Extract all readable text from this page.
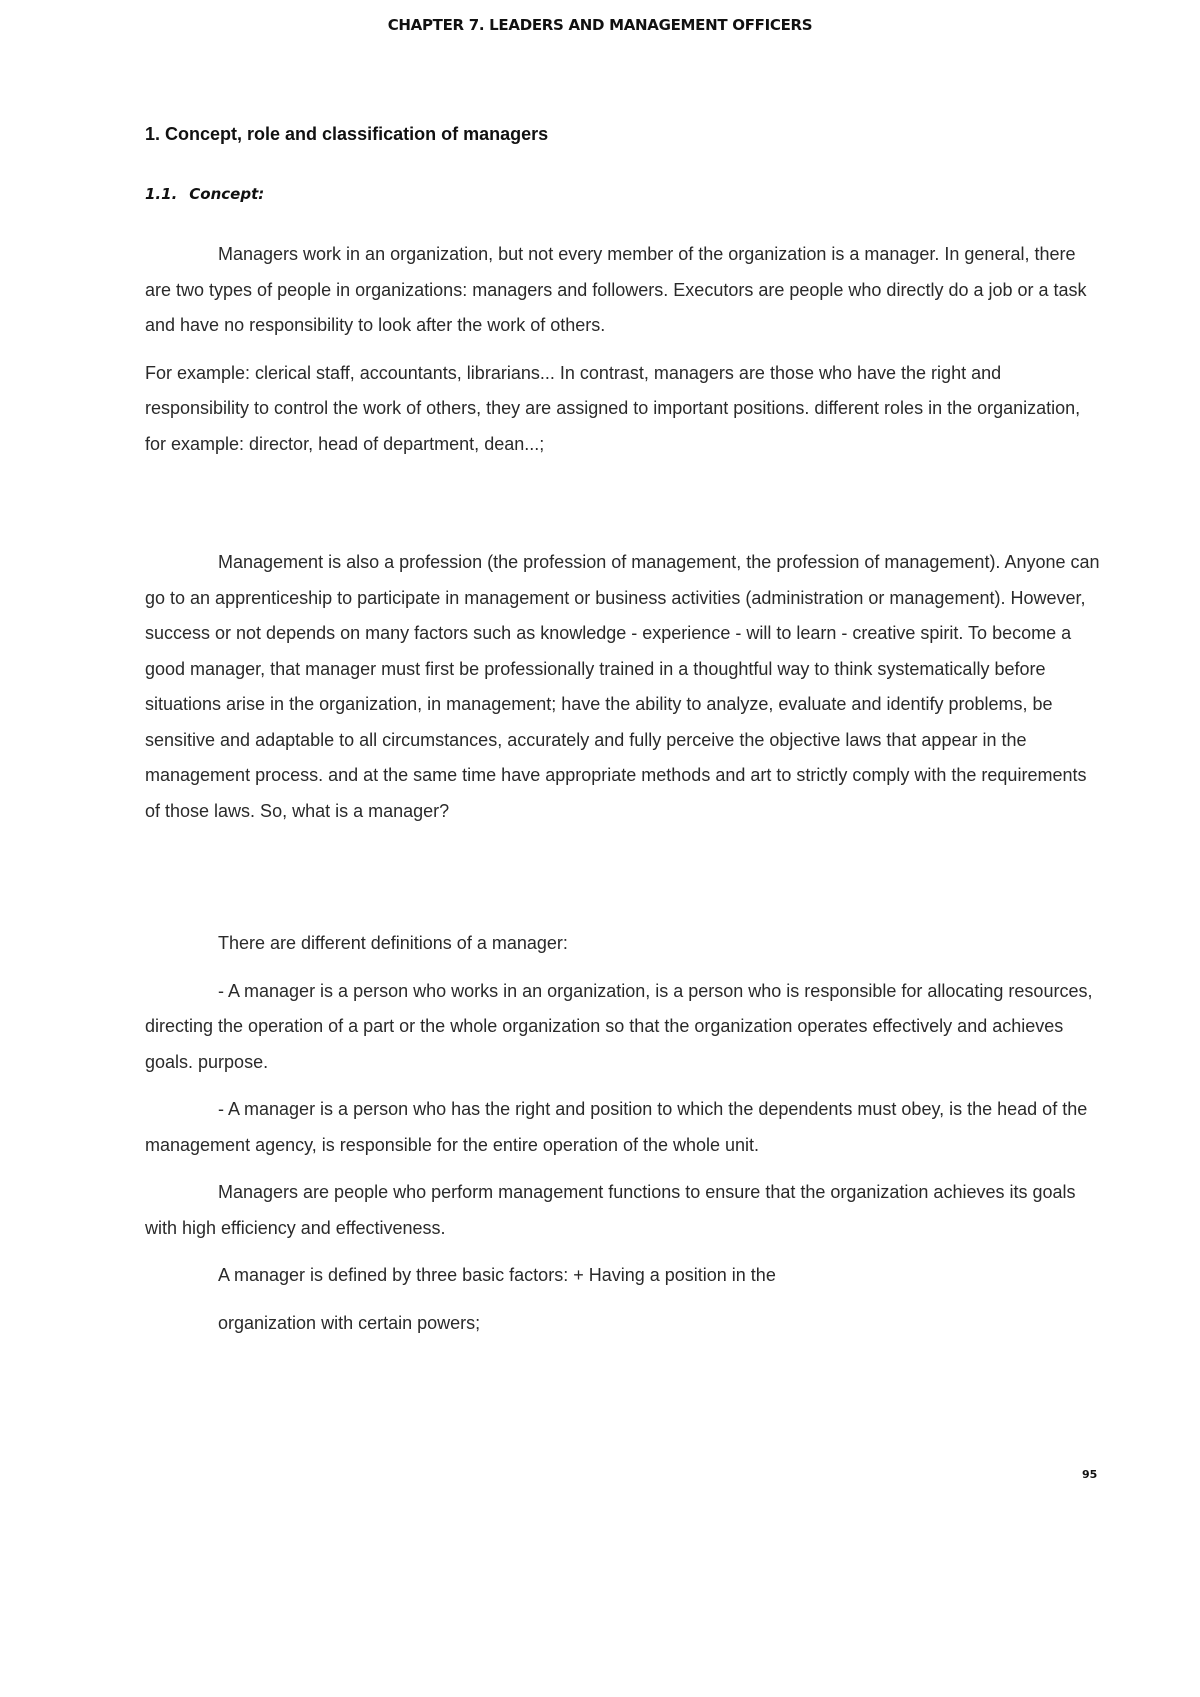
CHAPTER 7. LEADERS AND MANAGEMENT OFFICERS
1. Concept, role and classification of managers
1.1. Concept:

Managers work in an organization, but not every member of the organization is a manager. In general, there are two types of people in organizations: managers and followers. Executors are people who directly do a job or a task and have no responsibility to look after the work of others.

For example: clerical staff, accountants, librarians... In contrast, managers are those who have the right and responsibility to control the work of others, they are assigned to important positions. different roles in the organization, for example: director, head of department, dean...;

Management is also a profession (the profession of management, the profession of management). Anyone can go to an apprenticeship to participate in management or business activities (administration or management). However, success or not depends on many factors such as knowledge - experience - will to learn - creative spirit. To become a good manager, that manager must first be professionally trained in a thoughtful way to think systematically before situations arise in the organization, in management; have the ability to analyze, evaluate and identify problems, be sensitive and adaptable to all circumstances, accurately and fully perceive the objective laws that appear in the management process. and at the same time have appropriate methods and art to strictly comply with the requirements of those laws. So, what is a manager?

There are different definitions of a manager:

- A manager is a person who works in an organization, is a person who is responsible for allocating resources, directing the operation of a part or the whole organization so that the organization operates effectively and achieves goals. purpose.

- A manager is a person who has the right and position to which the dependents must obey, is the head of the management agency, is responsible for the entire operation of the whole unit.

Managers are people who perform management functions to ensure that the organization achieves its goals with high efficiency and effectiveness.

A manager is defined by three basic factors: + Having a position in the

organization with certain powers;

95
